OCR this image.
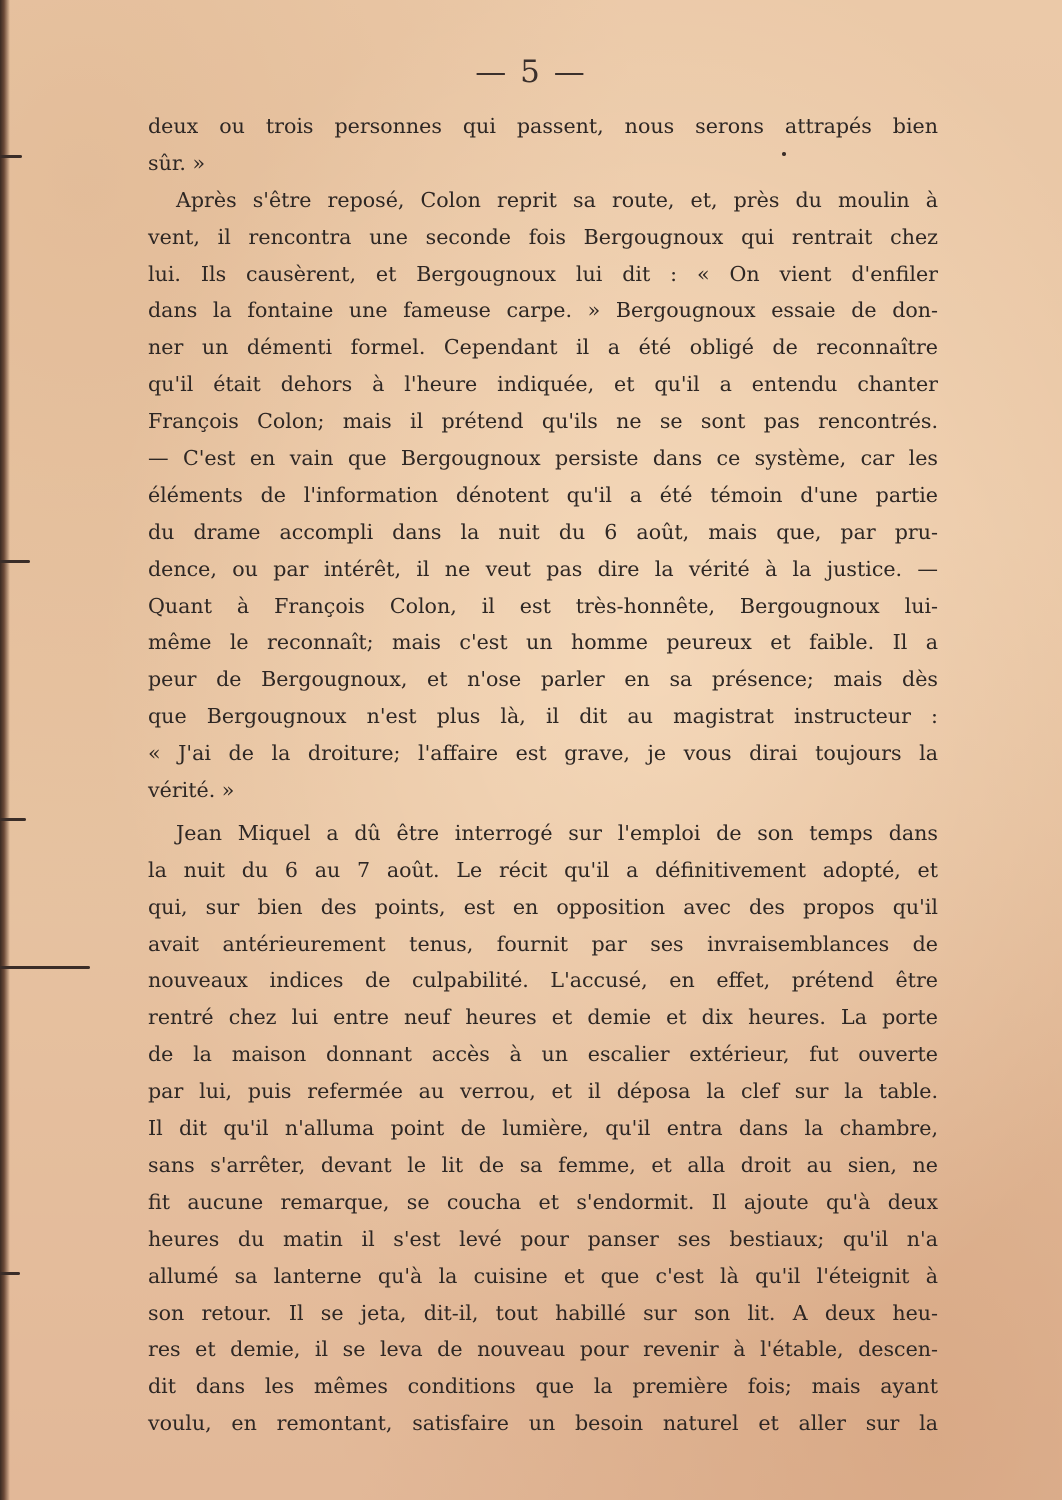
— 5 —
deux ou trois personnes qui passent, nous serons attrapés bien
sûr. »
Après s'être reposé, Colon reprit sa route, et, près du moulin à
vent, il rencontra une seconde fois Bergougnoux qui rentrait chez
lui. Ils causèrent, et Bergougnoux lui dit : « On vient d'enfiler
dans la fontaine une fameuse carpe. » Bergougnoux essaie de don-
ner un démenti formel. Cependant il a été obligé de reconnaître
qu'il était dehors à l'heure indiquée, et qu'il a entendu chanter
François Colon; mais il prétend qu'ils ne se sont pas rencontrés.
— C'est en vain que Bergougnoux persiste dans ce système, car les
éléments de l'information dénotent qu'il a été témoin d'une partie
du drame accompli dans la nuit du 6 août, mais que, par pru-
dence, ou par intérêt, il ne veut pas dire la vérité à la justice. —
Quant à François Colon, il est très-honnête, Bergougnoux lui-
même le reconnaît; mais c'est un homme peureux et faible. Il a
peur de Bergougnoux, et n'ose parler en sa présence; mais dès
que Bergougnoux n'est plus là, il dit au magistrat instructeur :
« J'ai de la droiture; l'affaire est grave, je vous dirai toujours la
vérité. »
Jean Miquel a dû être interrogé sur l'emploi de son temps dans
la nuit du 6 au 7 août. Le récit qu'il a définitivement adopté, et
qui, sur bien des points, est en opposition avec des propos qu'il
avait antérieurement tenus, fournit par ses invraisemblances de
nouveaux indices de culpabilité. L'accusé, en effet, prétend être
rentré chez lui entre neuf heures et demie et dix heures. La porte
de la maison donnant accès à un escalier extérieur, fut ouverte
par lui, puis refermée au verrou, et il déposa la clef sur la table.
Il dit qu'il n'alluma point de lumière, qu'il entra dans la chambre,
sans s'arrêter, devant le lit de sa femme, et alla droit au sien, ne
fit aucune remarque, se coucha et s'endormit. Il ajoute qu'à deux
heures du matin il s'est levé pour panser ses bestiaux; qu'il n'a
allumé sa lanterne qu'à la cuisine et que c'est là qu'il l'éteignit à
son retour. Il se jeta, dit-il, tout habillé sur son lit. A deux heu-
res et demie, il se leva de nouveau pour revenir à l'étable, descen-
dit dans les mêmes conditions que la première fois; mais ayant
voulu, en remontant, satisfaire un besoin naturel et aller sur la
